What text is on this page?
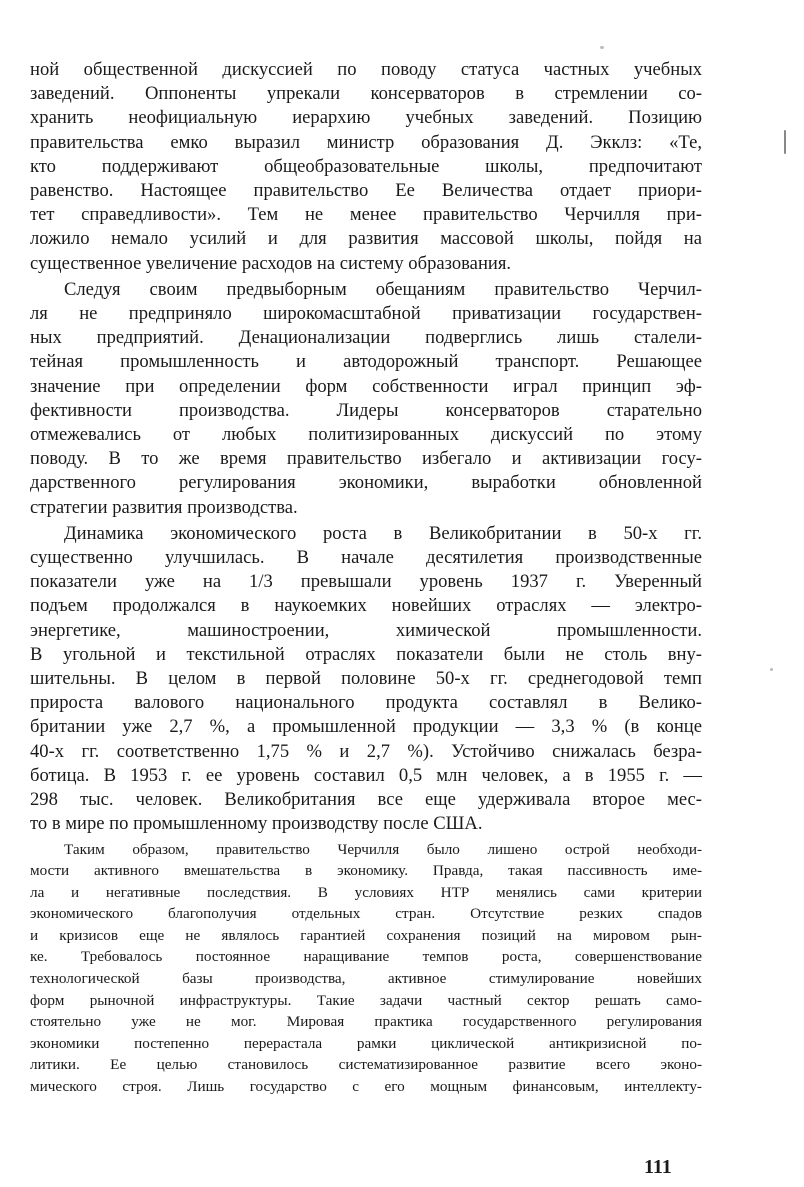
ной общественной дискуссией по поводу статуса частных учебных
заведений. Оппоненты упрекали консерваторов в стремлении со-
хранить неофициальную иерархию учебных заведений. Позицию
правительства емко выразил министр образования Д. Экклз: «Те,
кто поддерживают общеобразовательные школы, предпочитают
равенство. Настоящее правительство Ее Величества отдает приори-
тет справедливости». Тем не менее правительство Черчилля при-
ложило немало усилий и для развития массовой школы, пойдя на
существенное увеличение расходов на систему образования.

Следуя своим предвыборным обещаниям правительство Черчил-
ля не предприняло широкомасштабной приватизации государствен-
ных предприятий. Денационализации подверглись лишь сталели-
тейная промышленность и автодорожный транспорт. Решающее
значение при определении форм собственности играл принцип эф-
фективности производства. Лидеры консерваторов старательно
отмежевались от любых политизированных дискуссий по этому
поводу. В то же время правительство избегало и активизации госу-
дарственного регулирования экономики, выработки обновленной
стратегии развития производства.

Динамика экономического роста в Великобритании в 50-х гг.
существенно улучшилась. В начале десятилетия производственные
показатели уже на 1/3 превышали уровень 1937 г. Уверенный
подъем продолжался в наукоемких новейших отраслях — электро-
энергетике, машиностроении, химической промышленности.
В угольной и текстильной отраслях показатели были не столь вну-
шительны. В целом в первой половине 50-х гг. среднегодовой темп
прироста валового национального продукта составлял в Велико-
британии уже 2,7 %, а промышленной продукции — 3,3 % (в конце
40-х гг. соответственно 1,75 % и 2,7 %). Устойчиво снижалась безра-
ботица. В 1953 г. ее уровень составил 0,5 млн человек, а в 1955 г. —
298 тыс. человек. Великобритания все еще удерживала второе мес-
то в мире по промышленному производству после США.

Таким образом, правительство Черчилля было лишено острой необходи-
мости активного вмешательства в экономику. Правда, такая пассивность име-
ла и негативные последствия. В условиях НТР менялись сами критерии
экономического благополучия отдельных стран. Отсутствие резких спадов
и кризисов еще не являлось гарантией сохранения позиций на мировом рын-
ке. Требовалось постоянное наращивание темпов роста, совершенствование
технологической базы производства, активное стимулирование новейших
форм рыночной инфраструктуры. Такие задачи частный сектор решать само-
стоятельно уже не мог. Мировая практика государственного регулирования
экономики постепенно перерастала рамки циклической антикризисной по-
литики. Ее целью становилось систематизированное развитие всего эконо-
мического строя. Лишь государство с его мощным финансовым, интеллекту-

111
